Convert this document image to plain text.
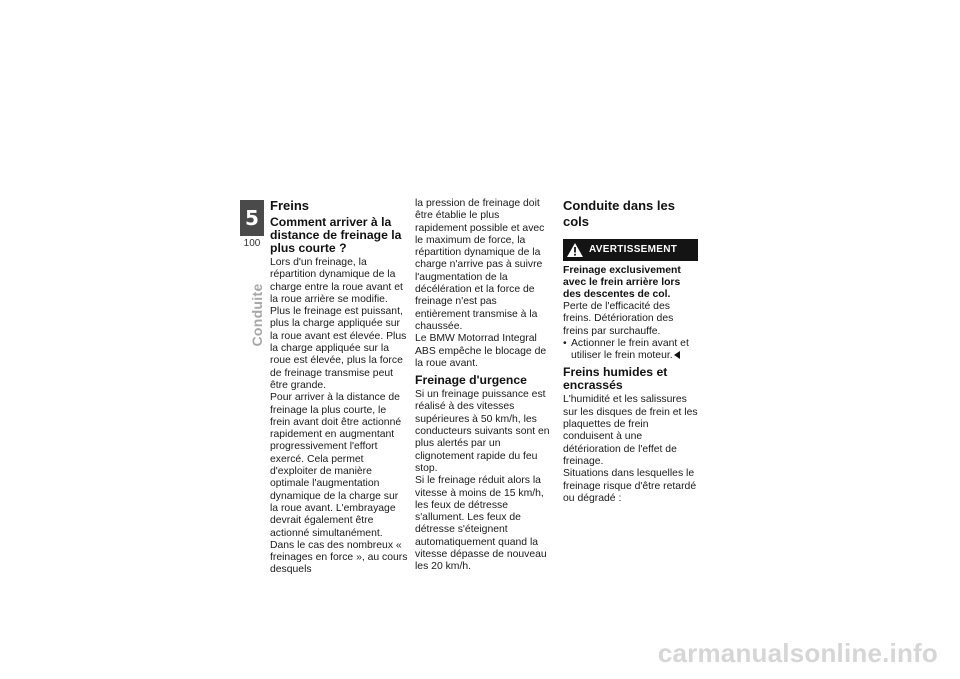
5
100
Conduite
Freins
Comment arriver à la distance de freinage la plus courte ?

Lors d'un freinage, la répartition dynamique de la charge entre la roue avant et la roue arrière se modifie. Plus le freinage est puissant, plus la charge appliquée sur la roue avant est élevée. Plus la charge appliquée sur la roue est élevée, plus la force de freinage transmise peut être grande.

Pour arriver à la distance de freinage la plus courte, le frein avant doit être actionné rapidement en augmentant progressivement l'effort exercé. Cela permet d'exploiter de manière optimale l'augmentation dynamique de la charge sur la roue avant. L'embrayage devrait également être actionné simultanément. Dans le cas des nombreux « freinages en force », au cours desquels

la pression de freinage doit être établie le plus rapidement possible et avec le maximum de force, la répartition dynamique de la charge n'arrive pas à suivre l'augmentation de la décélération et la force de freinage n'est pas entièrement transmise à la chaussée.

Le BMW Motorrad Integral ABS empêche le blocage de la roue avant.

Freinage d'urgence

Si un freinage puissance est réalisé à des vitesses supérieures à 50 km/h, les conducteurs suivants sont en plus alertés par un clignotement rapide du feu stop.

Si le freinage réduit alors la vitesse à moins de 15 km/h, les feux de détresse s'allument. Les feux de détresse s'éteignent automatiquement quand la vitesse dépasse de nouveau les 20 km/h.

Conduite dans les cols
AVERTISSEMENT
Freinage exclusivement avec le frein arrière lors des descentes de col.

Perte de l'efficacité des freins. Détérioration des freins par surchauffe.

• Actionner le frein avant et utiliser le frein moteur.
Freins humides et encrassés

L'humidité et les salissures sur les disques de frein et les plaquettes de frein conduisent à une détérioration de l'effet de freinage.

Situations dans lesquelles le freinage risque d'être retardé ou dégradé :

carmanualsonline.info
